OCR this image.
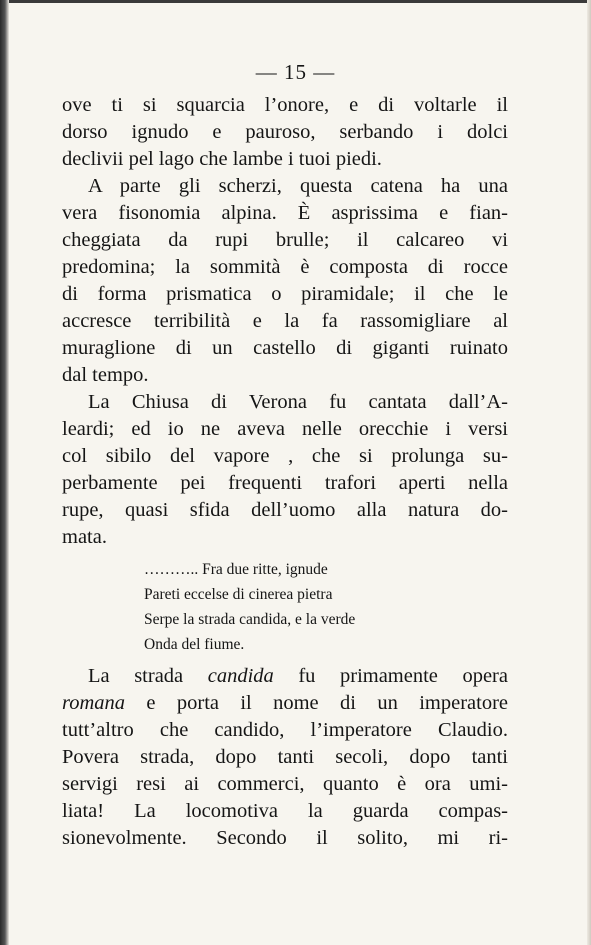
— 15 —
ove ti si squarcia l’onore, e di voltarle il
dorso ignudo e pauroso, serbando i dolci
declivii pel lago che lambe i tuoi piedi.
A parte gli scherzi, questa catena ha una
vera fisonomia alpina. È asprissima e fian-
cheggiata da rupi brulle; il calcareo vi
predomina; la sommità è composta di rocce
di forma prismatica o piramidale; il che le
accresce terribilità e la fa rassomigliare al
muraglione di un castello di giganti ruinato
dal tempo.
La Chiusa di Verona fu cantata dall’A-
leardi; ed io ne aveva nelle orecchie i versi
col sibilo del vapore , che si prolunga su-
perbamente pei frequenti trafori aperti nella
rupe, quasi sfida dell’uomo alla natura do-
mata.
……….. Fra due ritte, ignude
Pareti eccelse di cinerea pietra
Serpe la strada candida, e la verde
Onda del fiume.
La strada candida fu primamente opera
romana e porta il nome di un imperatore
tutt’altro che candido, l’imperatore Claudio.
Povera strada, dopo tanti secoli, dopo tanti
servigi resi ai commerci, quanto è ora umi-
liata! La locomotiva la guarda compas-
sionevolmente. Secondo il solito, mi ri-
